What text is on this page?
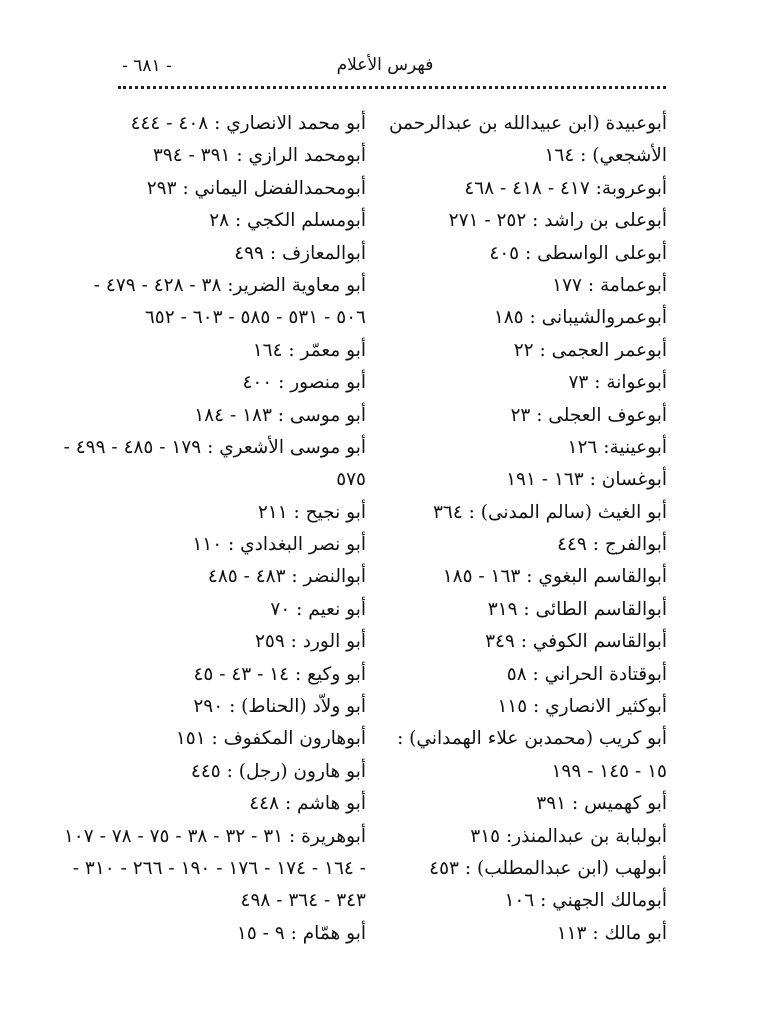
فهرس الأعلام
- ٦٨١ -
أبوعبيدة (ابن عبيدالله بن عبدالرحمن
الأشجعي) : ١٦٤
أبوعروبة: ٤١٧ - ٤١٨ - ٤٦٨
أبوعلى بن راشد : ٢٥٢ - ٢٧١
أبوعلى الواسطى : ٤٠٥
أبوعمامة : ١٧٧
أبوعمروالشيبانى : ١٨٥
أبوعمر العجمى : ٢٢
أبوعوانة : ٧٣
أبوعوف العجلى : ٢٣
أبوعينية: ١٢٦
أبوغسان : ١٦٣ - ١٩١
أبو الغيث (سالم المدنى) : ٣٦٤
أبوالفرج : ٤٤٩
أبوالقاسم البغوي : ١٦٣ - ١٨٥
أبوالقاسم الطائى : ٣١٩
أبوالقاسم الكوفي : ٣٤٩
أبوقتادة الحراني : ٥٨
أبوكثير الانصاري : ١١٥
أبو كريب (محمدبن علاء الهمداني) :
١٥ - ١٤٥ - ١٩٩
أبو كهميس : ٣٩١
أبولبابة بن عبدالمنذر: ٣١٥
أبولهب (ابن عبدالمطلب) : ٤٥٣
أبومالك الجهني : ١٠٦
أبو مالك : ١١٣
أبو محمد الانصاري : ٤٠٨ - ٤٤٤
أبومحمد الرازي : ٣٩١ - ٣٩٤
أبومحمدالفضل اليماني : ٢٩٣
أبومسلم الكجي : ٢٨
أبوالمعازف : ٤٩٩
أبو معاوية الضرير: ٣٨ - ٤٢٨ - ٤٧٩ -
٥٠٦ - ٥٣١ - ٥٨٥ - ٦٠٣ - ٦٥٢
أبو معمّر : ١٦٤
أبو منصور : ٤٠٠
أبو موسى : ١٨٣ - ١٨٤
أبو موسى الأشعري : ١٧٩ - ٤٨٥ - ٤٩٩ -
٥٧٥
أبو نجيح : ٢١١
أبو نصر البغدادي : ١١٠
أبوالنضر : ٤٨٣ - ٤٨٥
أبو نعيم : ٧٠
أبو الورد : ٢٥٩
أبو وكيع : ١٤ - ٤٣ - ٤٥
أبو ولاّد (الحناط) : ٢٩٠
أبوهارون المكفوف : ١٥١
أبو هارون (رجل) : ٤٤٥
أبو هاشم : ٤٤٨
أبوهريرة : ٣١ - ٣٢ - ٣٨ - ٧٥ - ٧٨ - ١٠٧
- ١٦٤ - ١٧٤ - ١٧٦ - ١٩٠ - ٢٦٦ - ٣١٠ -
٣٤٣ - ٣٦٤ - ٤٩٨
أبو همّام : ٩ - ١٥
